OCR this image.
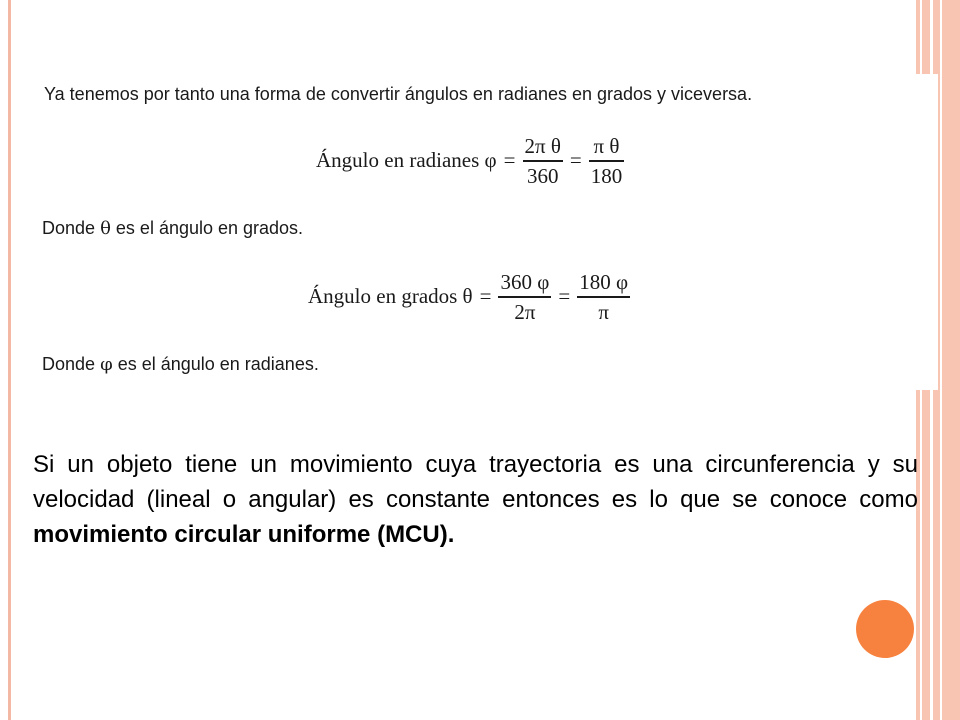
Ya tenemos por tanto una forma de convertir ángulos en radianes en grados y viceversa.
Ángulo en radianes $\varphi = \frac{\text{2π θ}}{360} = \frac{\text{π θ}}{180}$
Donde θ es el ángulo en grados.
Ángulo en grados $\theta = \frac{360 \varphi}{2\pi} = \frac{180 \varphi}{\pi}$
Donde φ es el ángulo en radianes.

Si un objeto tiene un movimiento cuya trayectoria es una circunferencia y su velocidad (lineal o angular) es constante entonces es lo que se conoce como movimiento circular uniforme (MCU).
